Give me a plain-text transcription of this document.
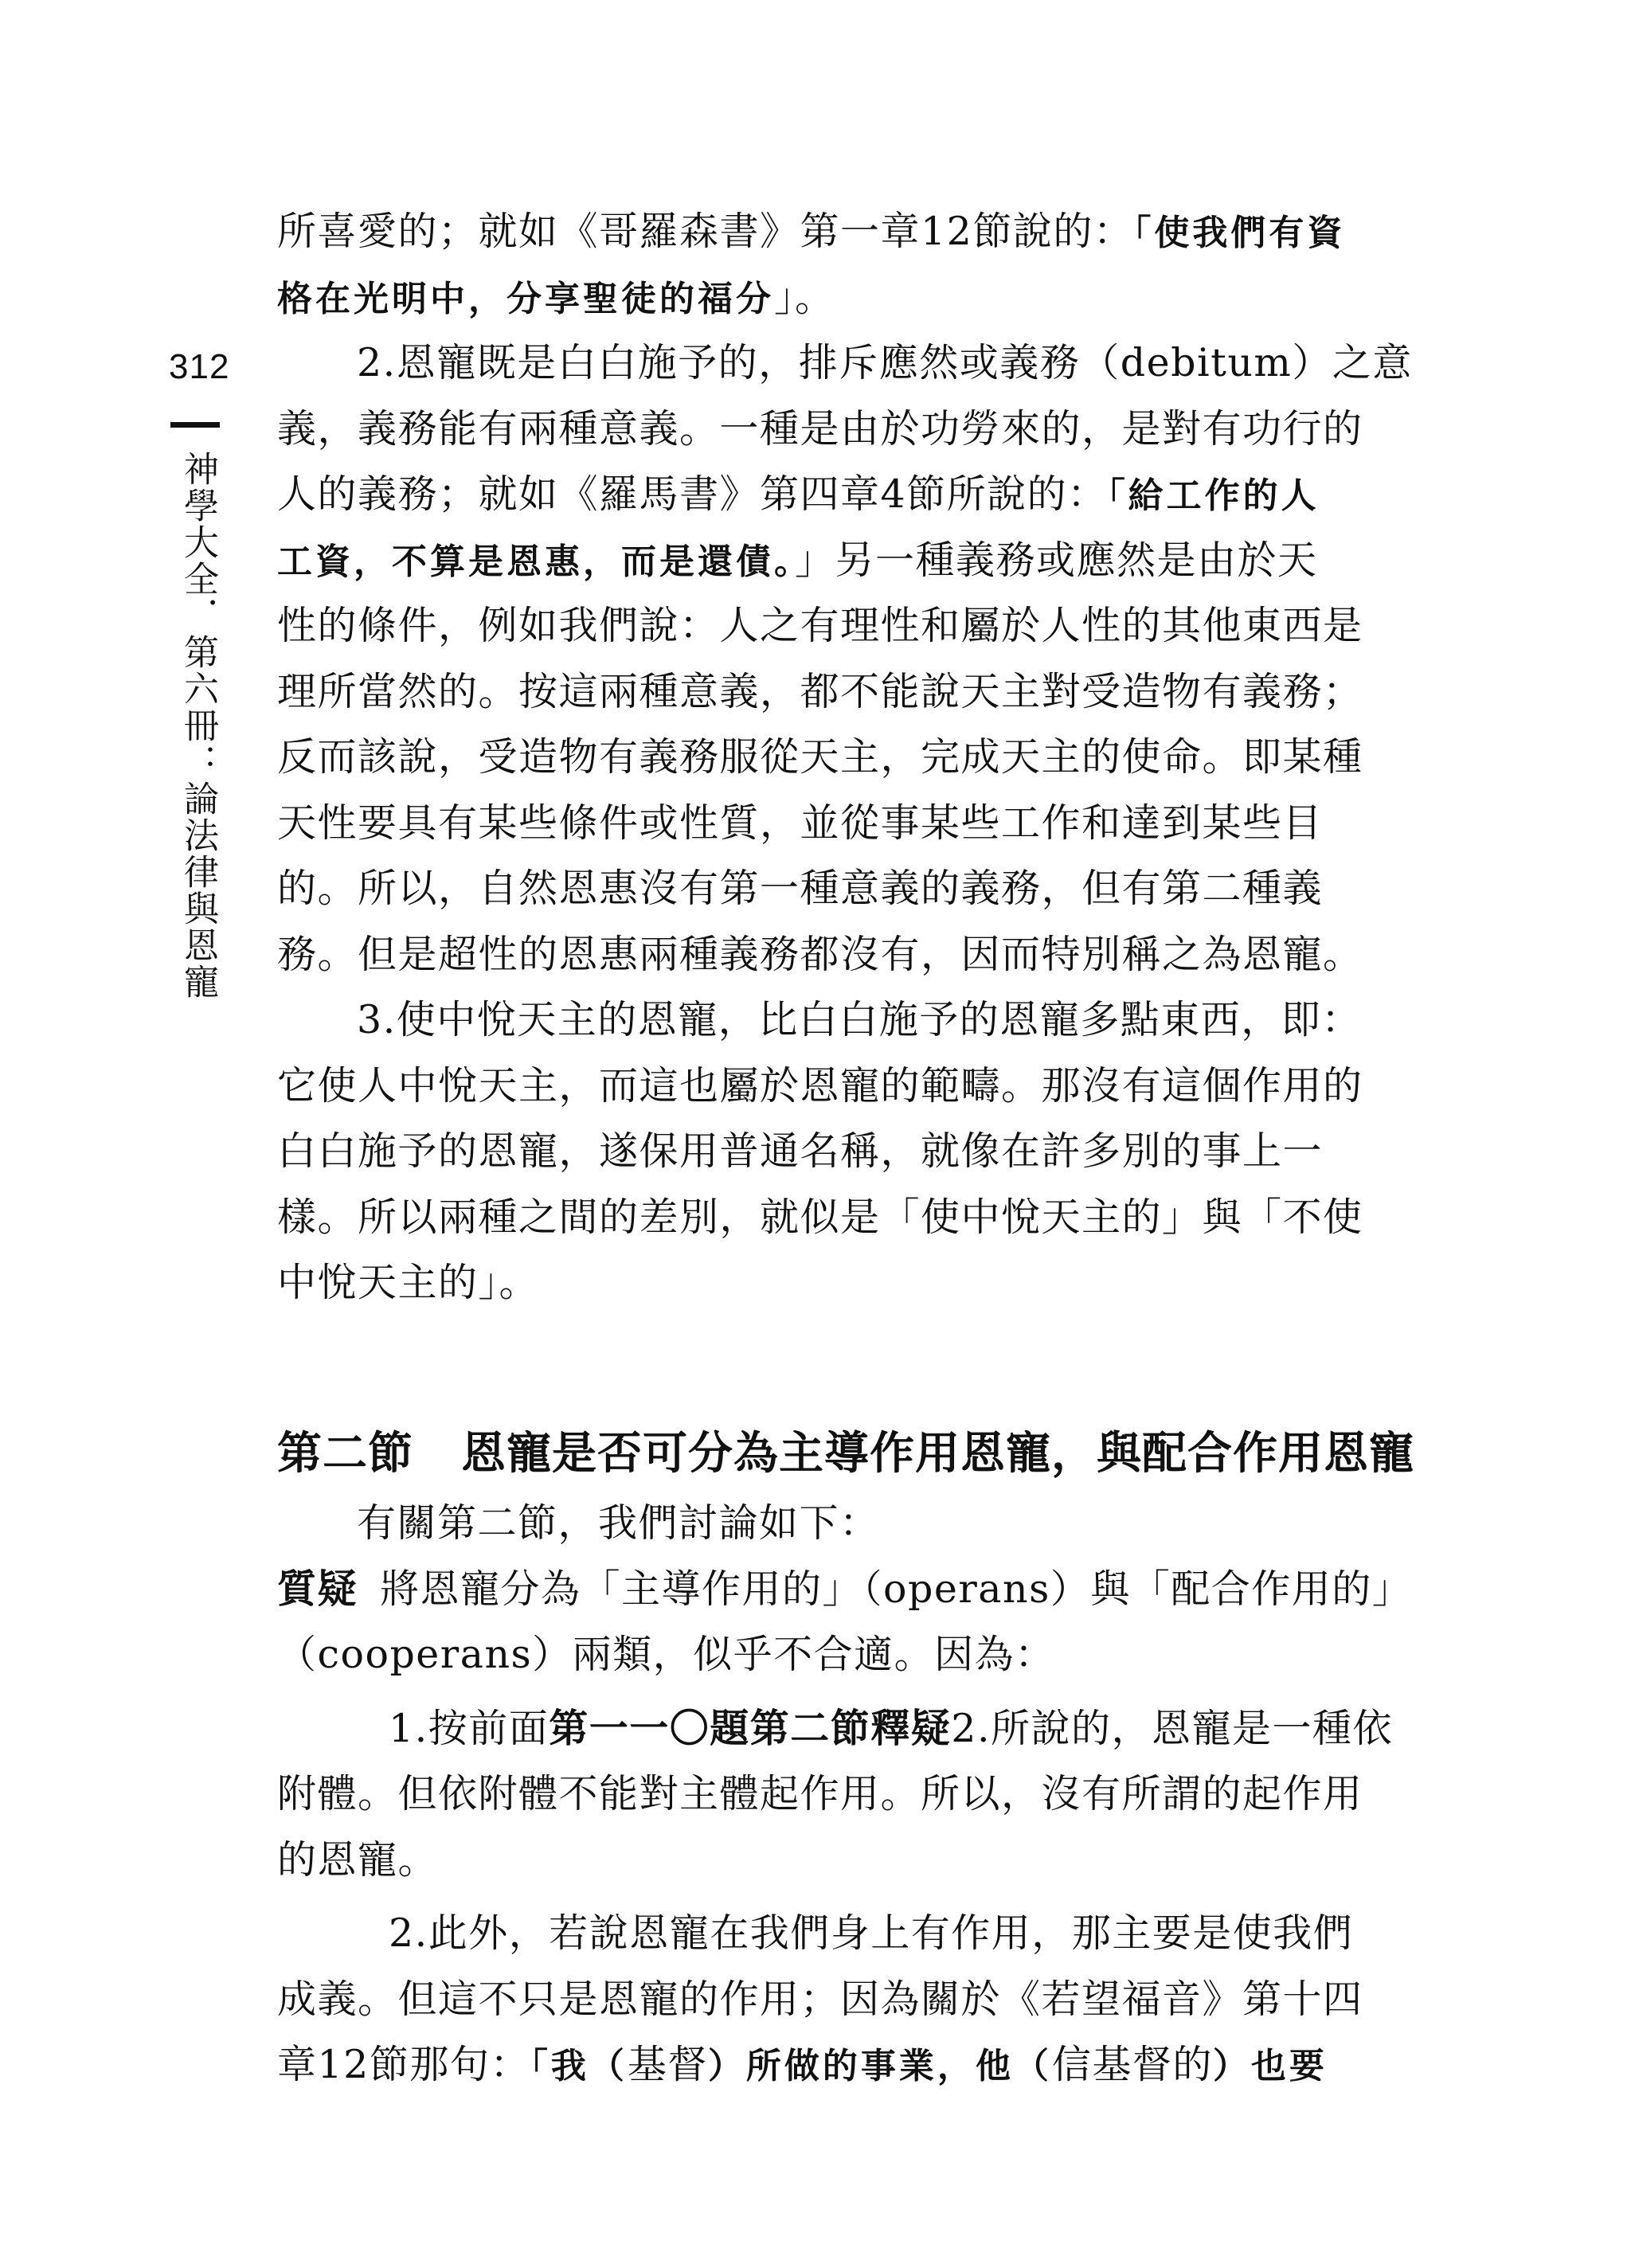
312
神學大全．第六冊：論法律與恩寵
所喜愛的；就如《哥羅森書》第一章12節說的：「使我們有資
格在光明中，分享聖徒的福分」。
2.恩寵既是白白施予的，排斥應然或義務（debitum）之意
義，義務能有兩種意義。一種是由於功勞來的，是對有功行的
人的義務；就如《羅馬書》第四章4節所說的：「給工作的人
工資，不算是恩惠，而是還債。」另一種義務或應然是由於天
性的條件，例如我們說：人之有理性和屬於人性的其他東西是
理所當然的。按這兩種意義，都不能說天主對受造物有義務；
反而該說，受造物有義務服從天主，完成天主的使命。即某種
天性要具有某些條件或性質，並從事某些工作和達到某些目
的。所以，自然恩惠沒有第一種意義的義務，但有第二種義
務。但是超性的恩惠兩種義務都沒有，因而特別稱之為恩寵。
3.使中悅天主的恩寵，比白白施予的恩寵多點東西，即：
它使人中悅天主，而這也屬於恩寵的範疇。那沒有這個作用的
白白施予的恩寵，遂保用普通名稱，就像在許多別的事上一
樣。所以兩種之間的差別，就似是「使中悅天主的」與「不使
中悅天主的」。
第二節 恩寵是否可分為主導作用恩寵，與配合作用恩寵
有關第二節，我們討論如下：
質疑 將恩寵分為「主導作用的」（operans）與「配合作用的」
（cooperans）兩類，似乎不合適。因為：
1.按前面第一一〇題第二節釋疑2.所說的，恩寵是一種依
附體。但依附體不能對主體起作用。所以，沒有所謂的起作用
的恩寵。
2.此外，若說恩寵在我們身上有作用，那主要是使我們
成義。但這不只是恩寵的作用；因為關於《若望福音》第十四
章12節那句：「我（基督）所做的事業，他（信基督的）也要
